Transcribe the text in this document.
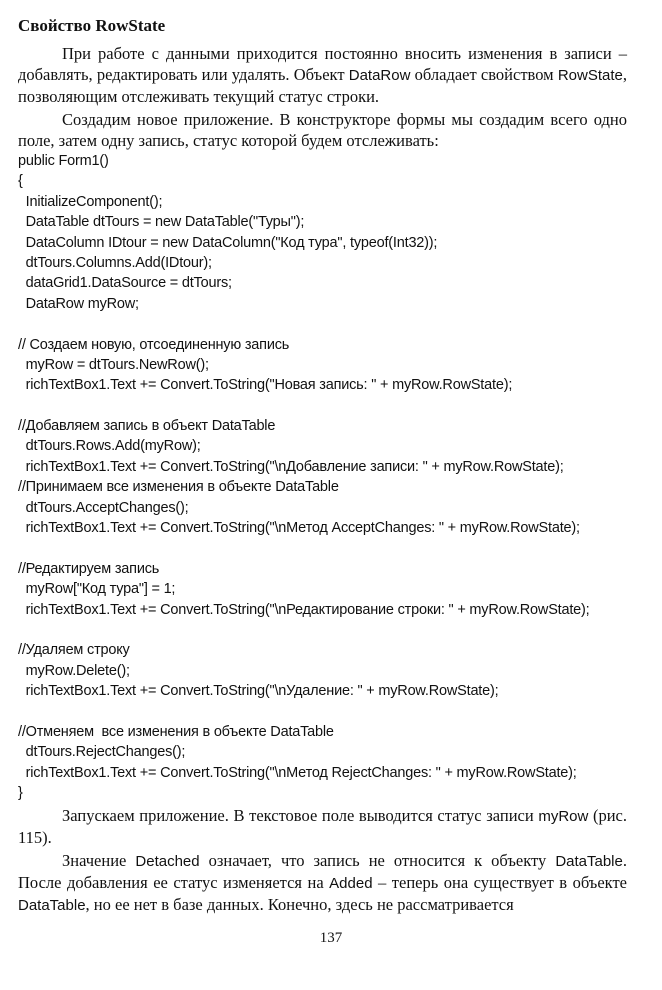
Свойство RowState

При работе с данными приходится постоянно вносить изменения в записи – добавлять, редактировать или удалять. Объект DataRow обладает свойством RowState, позволяющим отслеживать текущий статус строки.

Создадим новое приложение. В конструкторе формы мы создадим всего одно поле, затем одну запись, статус которой будем отслеживать:

public Form1()
{
InitializeComponent();
DataTable dtTours = new DataTable("Туры");
DataColumn IDtour = new DataColumn("Код тура", typeof(Int32));
dtTours.Columns.Add(IDtour);
dataGrid1.DataSource = dtTours;
DataRow myRow;
// Создаем новую, отсоединенную запись
myRow = dtTours.NewRow();
richTextBox1.Text += Convert.ToString("Новая запись: " + myRow.RowState);
//Добавляем запись в объект DataTable
dtTours.Rows.Add(myRow);
richTextBox1.Text += Convert.ToString("\nДобавление записи: " + myRow.RowState);
//Принимаем все изменения в объекте DataTable
dtTours.AcceptChanges();
richTextBox1.Text += Convert.ToString("\nМетод AcceptChanges: " + myRow.RowState);
//Редактируем запись
myRow["Код тура"] = 1;
richTextBox1.Text += Convert.ToString("\nРедактирование строки: " + myRow.RowState);
//Удаляем строку
myRow.Delete();
richTextBox1.Text += Convert.ToString("\nУдаление: " + myRow.RowState);
//Отменяем  все изменения в объекте DataTable
dtTours.RejectChanges();
richTextBox1.Text += Convert.ToString("\nМетод RejectChanges: " + myRow.RowState);
}

Запускаем приложение. В текстовое поле выводится статус записи myRow (рис. 115).

Значение Detached означает, что запись не относится к объекту DataTable. После добавления ее статус изменяется на Added – теперь она существует в объекте DataTable, но ее нет в базе данных. Конечно, здесь не рассматривается

137
